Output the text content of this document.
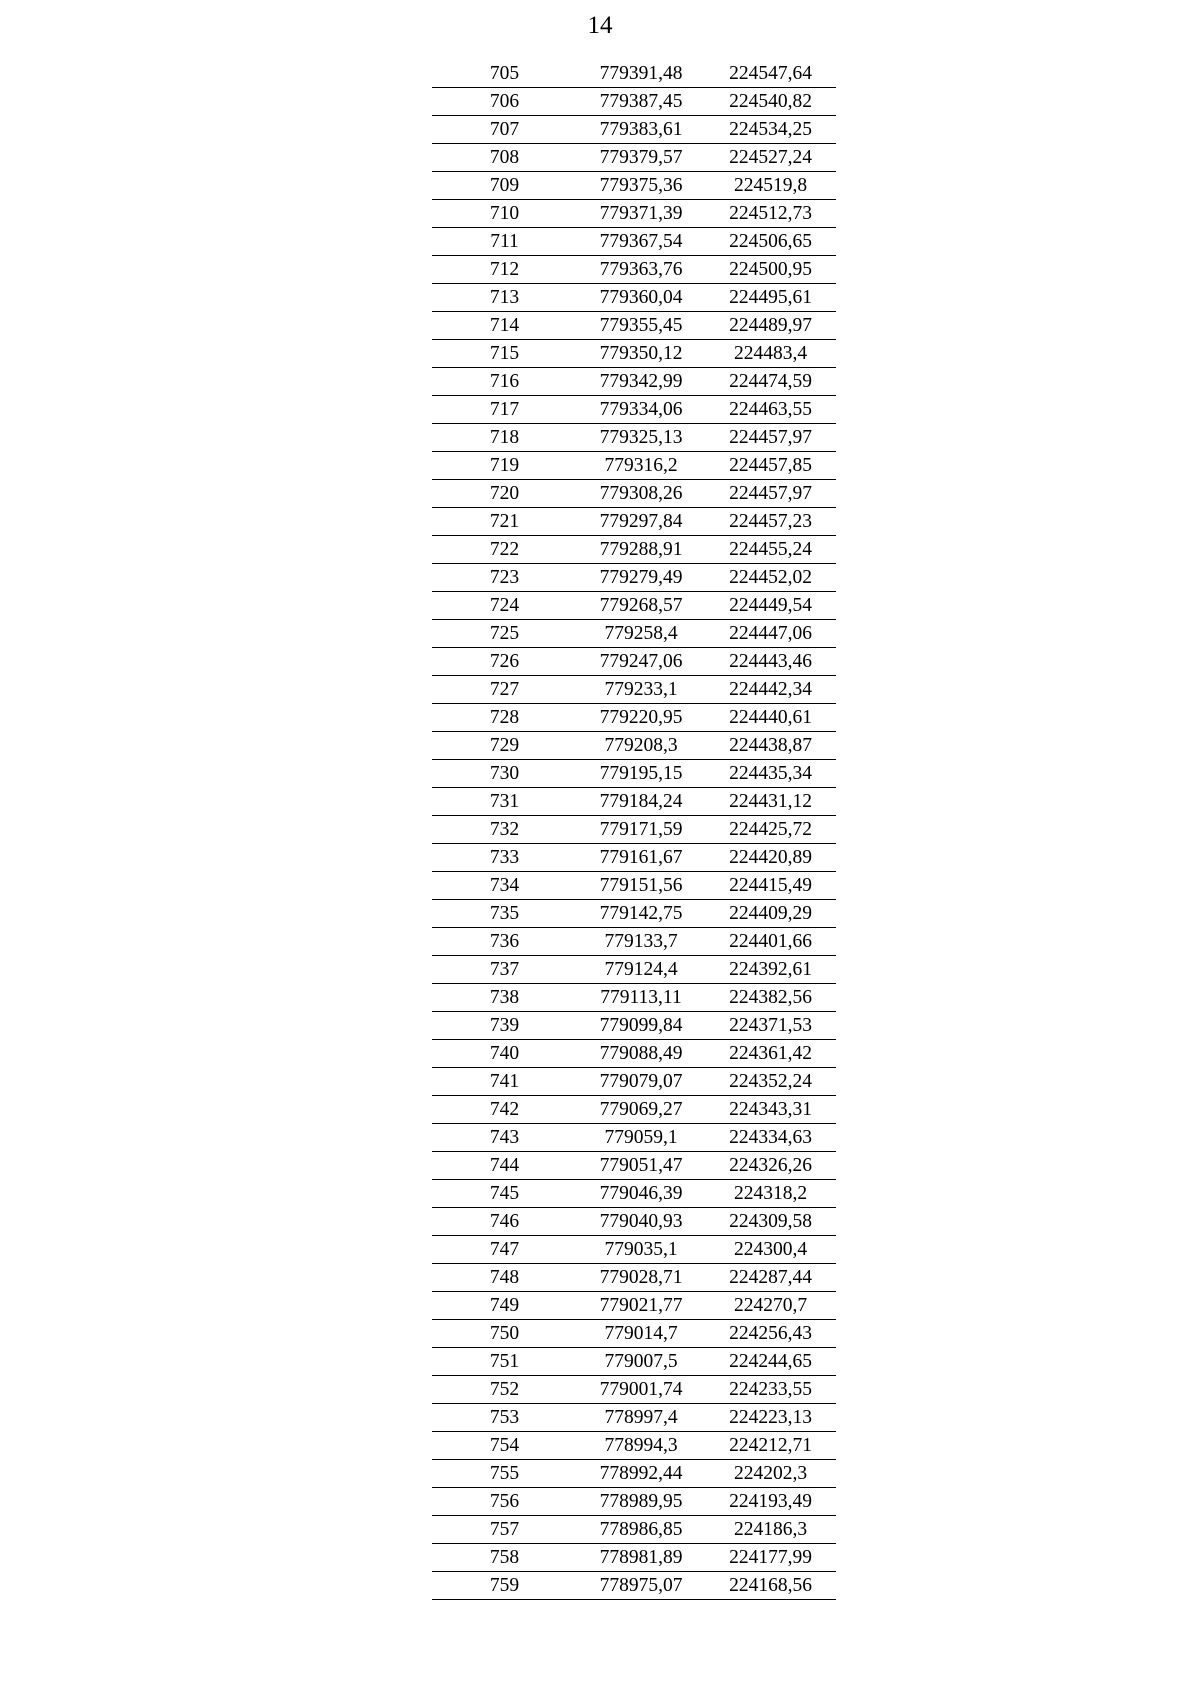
14
705	779391,48	224547,64
706	779387,45	224540,82
707	779383,61	224534,25
708	779379,57	224527,24
709	779375,36	224519,8
710	779371,39	224512,73
711	779367,54	224506,65
712	779363,76	224500,95
713	779360,04	224495,61
714	779355,45	224489,97
715	779350,12	224483,4
716	779342,99	224474,59
717	779334,06	224463,55
718	779325,13	224457,97
719	779316,2	224457,85
720	779308,26	224457,97
721	779297,84	224457,23
722	779288,91	224455,24
723	779279,49	224452,02
724	779268,57	224449,54
725	779258,4	224447,06
726	779247,06	224443,46
727	779233,1	224442,34
728	779220,95	224440,61
729	779208,3	224438,87
730	779195,15	224435,34
731	779184,24	224431,12
732	779171,59	224425,72
733	779161,67	224420,89
734	779151,56	224415,49
735	779142,75	224409,29
736	779133,7	224401,66
737	779124,4	224392,61
738	779113,11	224382,56
739	779099,84	224371,53
740	779088,49	224361,42
741	779079,07	224352,24
742	779069,27	224343,31
743	779059,1	224334,63
744	779051,47	224326,26
745	779046,39	224318,2
746	779040,93	224309,58
747	779035,1	224300,4
748	779028,71	224287,44
749	779021,77	224270,7
750	779014,7	224256,43
751	779007,5	224244,65
752	779001,74	224233,55
753	778997,4	224223,13
754	778994,3	224212,71
755	778992,44	224202,3
756	778989,95	224193,49
757	778986,85	224186,3
758	778981,89	224177,99
759	778975,07	224168,56
